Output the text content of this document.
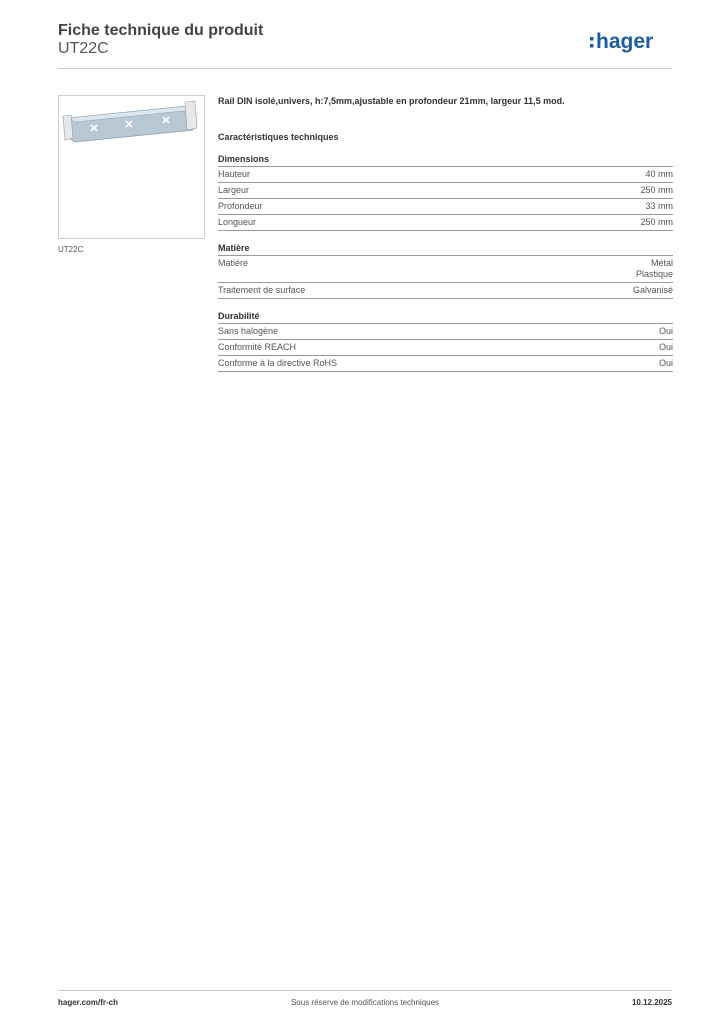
Fiche technique du produit
UT22C	hager
UT22C
Rail DIN isolé,univers, h:7,5mm,ajustable en profondeur 21mm, largeur 11,5 mod.
Caractéristiques techniques
Dimensions
Hauteur	40 mm
Largeur	250 mm
Profondeur	33 mm
Longueur	250 mm
Matière
Matière	Métal
Plastique
Traitement de surface	Galvanisé
Durabilité
Sans halogène	Oui
Conformité REACH	Oui
Conforme à la directive RoHS	Oui
hager.com/fr-ch	Sous réserve de modifications techniques	10.12.2025
